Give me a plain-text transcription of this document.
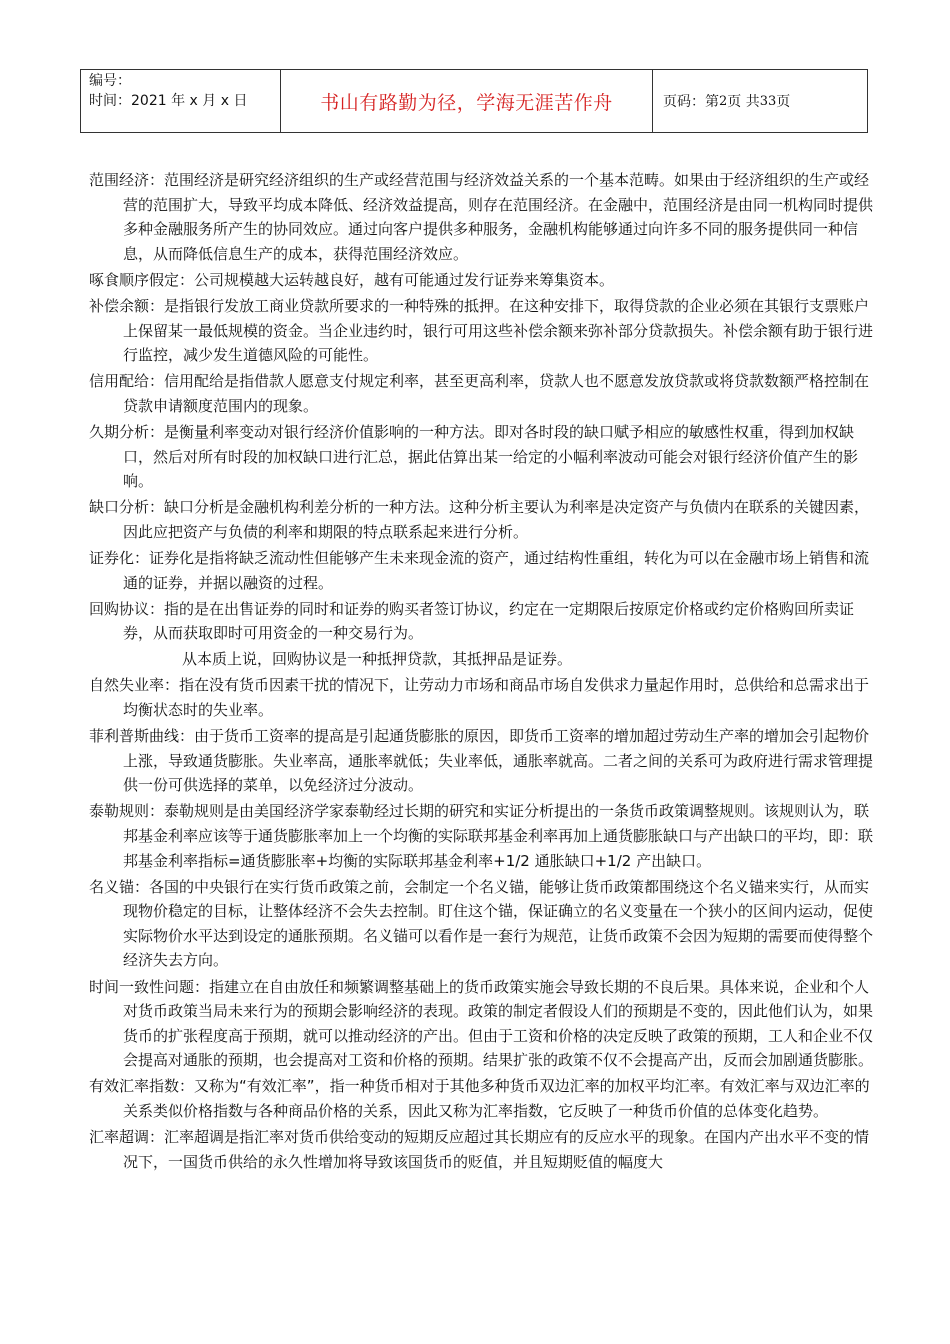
编号：
时间：2021 年 x 月 x 日	书山有路勤为径，学海无涯苦作舟	页码：第 2 页 共 33 页

范围经济 ： 范围经济是研究经济组织的生产或经营范围与经济效益关系的一个基本范畴。如果由于经济组织的生产或经营的范围扩大，导致平均成本降低、经济效益提高，则存在范围经济。在金融中，范围经济是由同一机构同时提供多种金融服务所产生的协同效应。通过向客户提供多种服务，金融机构能够通过向许多不同的服务提供同一种信息，从而降低信息生产的成本，获得范围经济效应。

啄食顺序假定 ： 公司规模越大运转越良好，越有可能通过发行证券来筹集资本。

补偿余额 ： 是指银行发放工商业贷款所要求的一种特殊的抵押。在这种安排下，取得贷款的企业必须在其银行支票账户上保留某一最低规模的资金。当企业违约时，银行可用这些补偿余额来弥补部分贷款损失。补偿余额有助于银行进行监控，减少发生道德风险的可能性。

信用配给 ： 信用配给是指借款人愿意支付规定利率，甚至更高利率，贷款人也不愿意发放贷款或将贷款数额严格控制在贷款申请额度范围内的现象。

久期分析 ： 是衡量利率变动对银行经济价值影响的一种方法。即对各时段的缺口赋予相应的敏感性权重，得到加权缺口，然后对所有时段的加权缺口进行汇总，据此估算出某一给定的小幅利率波动可能会对银行经济价值产生的影响。

缺口分析 ： 缺口分析是金融机构利差分析的一种方法。这种分析主要认为利率是决定资产与负债内在联系的关键因素，因此应把资产与负债的利率和期限的特点联系起来进行分析。

证券化 ： 证券化是指将缺乏流动性但能够产生未来现金流的资产，通过结构性重组，转化为可以在金融市场上销售和流通的证券，并据以融资的过程。

回购协议 ： 指的是在出售证券的同时和证券的购买者签订协议，约定在一定期限后按原定价格或约定价格购回所卖证券，从而获取即时可用资金的一种交易行为。

从本质上说，回购协议是一种抵押贷款，其抵押品是证券。

自然失业率 ： 指在没有货币因素干扰的情况下，让劳动力市场和商品市场自发供求力量起作用时，总供给和总需求出于均衡状态时的失业率。

菲利普斯曲线 ： 由于货币工资率的提高是引起通货膨胀的原因，即货币工资率的增加超过劳动生产率的增加会引起物价上涨，导致通货膨胀。失业率高，通胀率就低；失业率低，通胀率就高。二者之间的关系可为政府进行需求管理提供一份可供选择的菜单，以免经济过分波动。

泰勒规则 ： 泰勒规则是由美国经济学家泰勒经过长期的研究和实证分析提出的一条货币政策调整规则。该规则认为，联邦基金利率应该等于通货膨胀率加上一个均衡的实际联邦基金利率再加上通货膨胀缺口与产出缺口的平均，即：联邦基金利率指标=通货膨胀率+均衡的实际联邦基金利率+1/2 通胀缺口+1/2 产出缺口。

名义锚 ： 各国的中央银行在实行货币政策之前，会制定一个名义锚，能够让货币政策都围绕这个名义锚来实行，从而实现物价稳定的目标，让整体经济不会失去控制。盯住这个锚，保证确立的名义变量在一个狭小的区间内运动，促使实际物价水平达到设定的通胀预期。名义锚可以看作是一套行为规范，让货币政策不会因为短期的需要而使得整个经济失去方向。

时间一致性问题 ： 指建立在自由放任和频繁调整基础上的货币政策实施会导致长期的不良后果。具体来说，企业和个人对货币政策当局未来行为的预期会影响经济的表现。政策的制定者假设人们的预期是不变的，因此他们认为，如果货币的扩张程度高于预期，就可以推动经济的产出。但由于工资和价格的决定反映了政策的预期，工人和企业不仅会提高对通胀的预期，也会提高对工资和价格的预期。结果扩张的政策不仅不会提高产出，反而会加剧通货膨胀。

有效汇率指数 ： 又称为“有效汇率”，指一种货币相对于其他多种货币双边汇率的加权平均汇率。有效汇率与双边汇率的关系类似价格指数与各种商品价格的关系，因此又称为汇率指数，它反映了一种货币价值的总体变化趋势。

汇率超调 ： 汇率超调是指汇率对货币供给变动的短期反应超过其长期应有的反应水平的现象。在国内产出水平不变的情况下，一国货币供给的永久性增加将导致该国货币的贬值，并且短期贬值的幅度大
